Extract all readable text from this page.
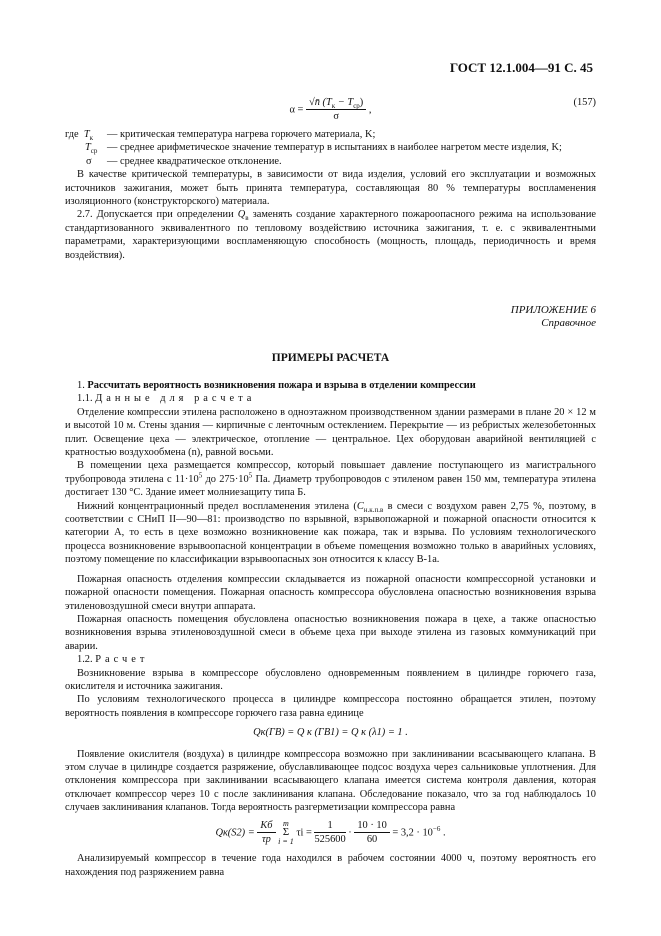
ГОСТ 12.1.004—91 С. 45
$\alpha = \frac{√n̄ (T_к - T_{ср})}{\sigma}$ ,
(157)
где $T_к$	— критическая температура нагрева горючего материала, K;
$T_{ср}$ — среднее арифметическое значение температур в испытаниях в наиболее нагретом месте изделия, K;
σ	— среднее квадратическое отклонение.

В качестве критической температуры, в зависимости от вида изделия, условий его эксплуатации и возможных источников зажигания, может быть принята температура, составляющая 80 % температуры воспламенения изоляционного (конструкторского) материала.

2.7. Допускается при определении $Q_в$ заменять создание характерного пожароопасного режима на использование стандартизованного эквивалентного по тепловому воздействию источника зажигания, т. е. с эквивалентными параметрами, характеризующими воспламеняющую способность (мощность, площадь, периодичность и время воздействия).

ПРИЛОЖЕНИЕ 6
Справочное
ПРИМЕРЫ РАСЧЕТА

1. Рассчитать вероятность возникновения пожара и взрыва в отделении компрессии

1.1. Данные для расчета

Отделение компрессии этилена расположено в одноэтажном производственном здании размерами в плане 20 × 12 м и высотой 10 м. Стены здания — кирпичные с ленточным остеклением. Перекрытие — из ребристых железобетонных плит. Освещение цеха — электрическое, отопление — центральное. Цех оборудован аварийной вентиляцией с кратностью воздухообмена (n), равной восьми.

В помещении цеха размещается компрессор, который повышает давление поступающего из магистрального трубопровода этилена с $11\cdot 10^5$ до $275\cdot 10^5$ Па. Диаметр трубопроводов с этиленом равен 150 мм, температура этилена достигает 130 °С. Здание имеет молниезащиту типа Б.

Нижний концентрационный предел воспламенения этилена ($C_{н.к.п.в}$ в смеси с воздухом равен 2,75 %, поэтому, в соответствии с СНиП II—90—81: производство по взрывной, взрывопожарной и пожарной опасности относится к категории А, то есть в цехе возможно возникновение как пожара, так и взрыва. По условиям технологического процесса возникновение взрывоопасной концентрации в объеме помещения возможно только в аварийных условиях, поэтому помещение по классификации взрывоопасных зон относится к классу В-1а.

Пожарная опасность отделения компрессии складывается из пожарной опасности компрессорной установки и пожарной опасности помещения. Пожарная опасность компрессора обусловлена опасностью возникновения взрыва этиленовоздушной смеси внутри аппарата.

Пожарная опасность помещения обусловлена опасностью возникновения пожара в цехе, а также опасностью возникновения взрыва этиленовоздушной смеси в объеме цеха при выходе этилена из газовых коммуникаций при аварии.

1.2. Расчет

Возникновение взрыва в компрессоре обусловлено одновременным появлением в цилиндре горючего газа, окислителя и источника зажигания.

По условиям технологического процесса в цилиндре компрессора постоянно обращается этилен, поэтому вероятность появления в компрессоре горючего газа равна единице

Qк(ГВ) = Q к (ГВ1) = Q к (λ1) = 1 .

Появление окислителя (воздуха) в цилиндре компрессора возможно при заклинивании всасывающего клапана. В этом случае в цилиндре создается разряжение, обуславливающее подсос воздуха через сальниковые уплотнения. Для отклонения компрессора при заклинивании всасывающего клапана имеется система контроля давления, которая отключает компрессор через 10 с после заклинивания клапана. Обследование показало, что за год наблюдалось 10 случаев заклинивания клапанов. Тогда вероятность разгерметизации компрессора равна

$Qк(S2) = \frac{Kб}{\tau р}$
m
Σ
i = 1
$\tau i = \frac{1}{525600} \cdot \frac{10 \cdot 10}{60} = 3,2 \cdot 10^{-6}$ .

Анализируемый компрессор в течение года находился в рабочем состоянии 4000 ч, поэтому вероятность его нахождения под разряжением равна
